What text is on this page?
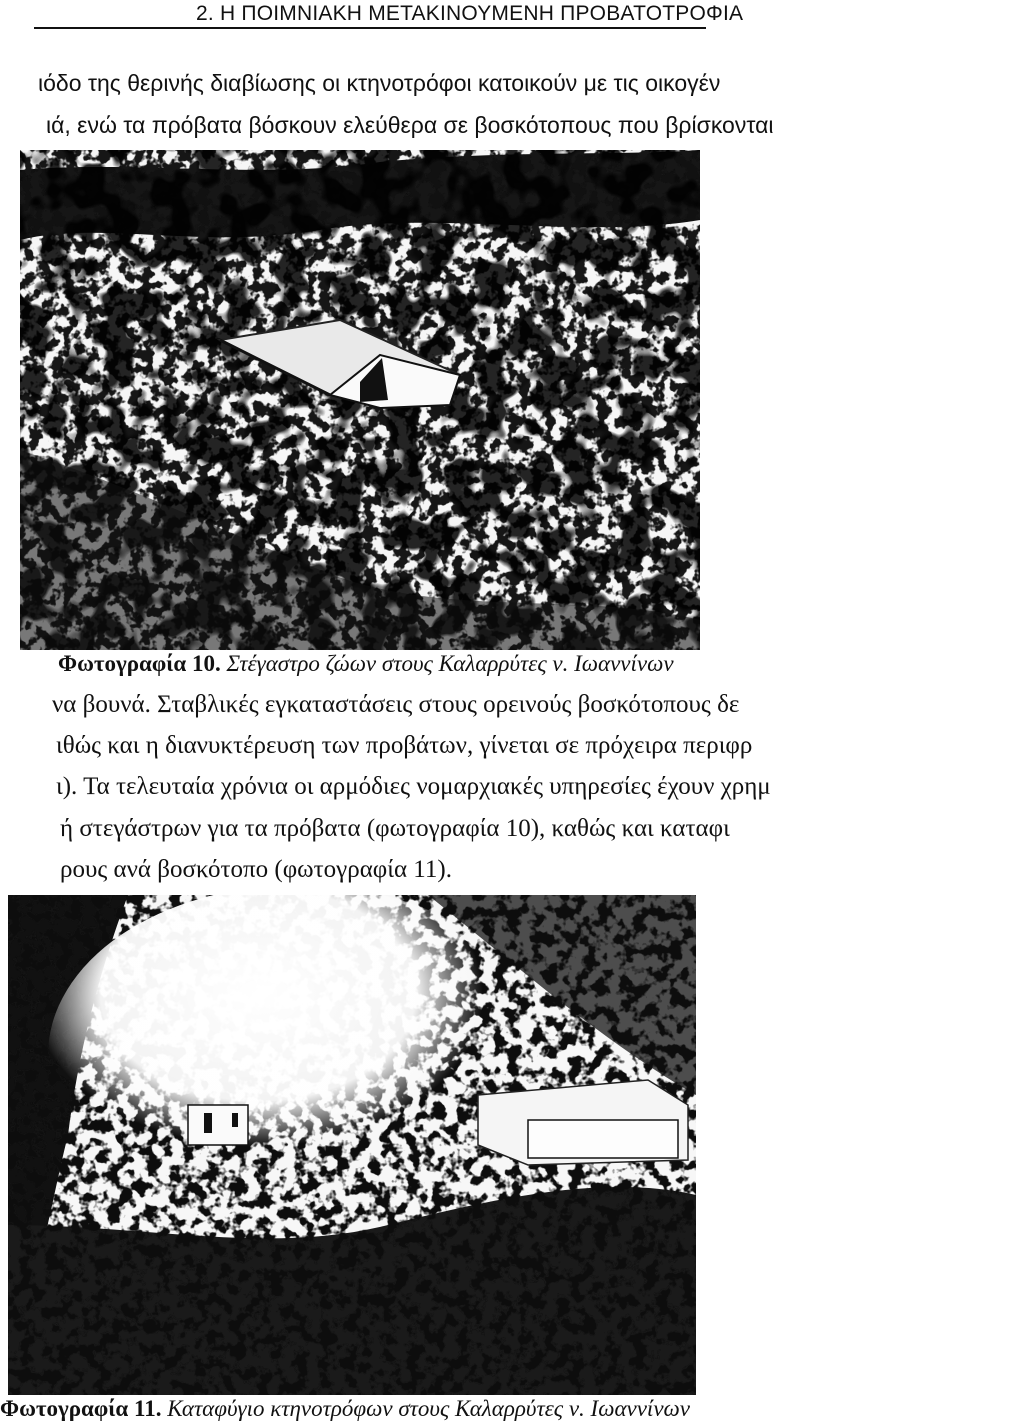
2. Η ΠΟΙΜΝΙΑΚΗ ΜΕΤΑΚΙΝΟΥΜΕΝΗ ΠΡΟΒΑΤΟΤΡΟΦΙΑ
ιόδο της θερινής διαβίωσης οι κτηνοτρόφοι κατοικούν με τις οικογέν
ιά, ενώ τα πρόβατα βόσκουν ελεύθερα σε βοσκότοπους που βρίσκονται
Φωτογραφία 10. Στέγαστρο ζώων στους Καλαρρύτες ν. Ιωαννίνων
να βουνά. Σταβλικές εγκαταστάσεις στους ορεινούς βοσκότοπους δε
ιθώς και η διανυκτέρευση των προβάτων, γίνεται σε πρόχειρα περιφρ
ι). Τα τελευταία χρόνια οι αρμόδιες νομαρχιακές υπηρεσίες έχουν χρημ
ή στεγάστρων για τα πρόβατα (φωτογραφία 10), καθώς και καταφι
ρους ανά βοσκότοπο (φωτογραφία 11).
Φωτογραφία 11. Καταφύγιο κτηνοτρόφων στους Καλαρρύτες ν. Ιωαννίνων
